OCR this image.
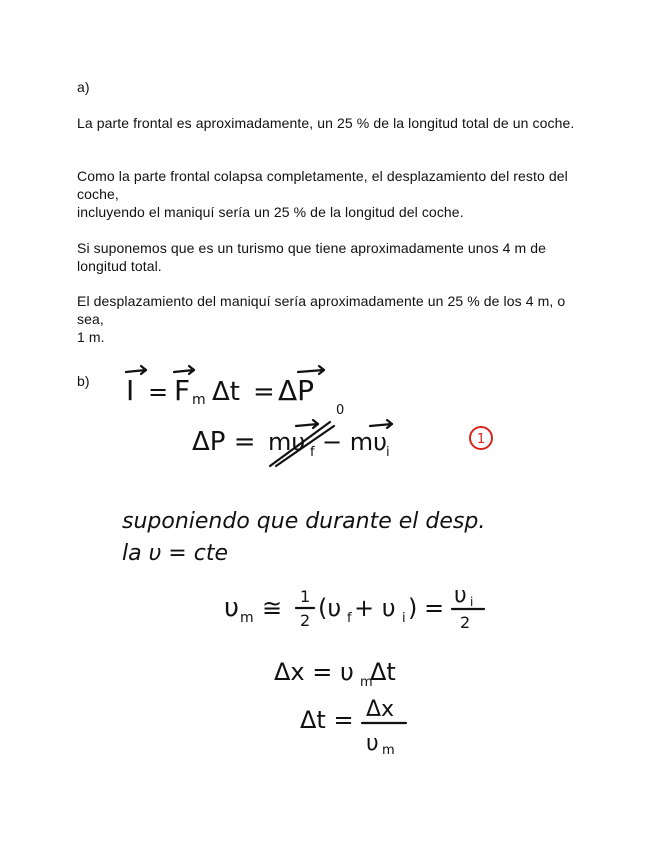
a)
La parte frontal es aproximadamente, un 25 % de la longitud total de un coche.
Como la parte frontal colapsa completamente, el desplazamiento del resto del coche,
incluyendo el maniquí sería un 25 % de la longitud del coche.
Si suponemos que es un turismo que tiene aproximadamente unos 4 m de longitud total.
El desplazamiento del maniquí sería aproximadamente un 25 % de los 4 m, o sea,
1 m.
b)	I = F m Δt = ΔP
ΔP = mυ f
0
− mυ
i
1
suponiendo que durante el desp.
la υ = cte
υ m ≅ 1
2 (υ f + υ i ) = υ i
2
Δx = υ m
Δt
Δt = Δx
υ m
